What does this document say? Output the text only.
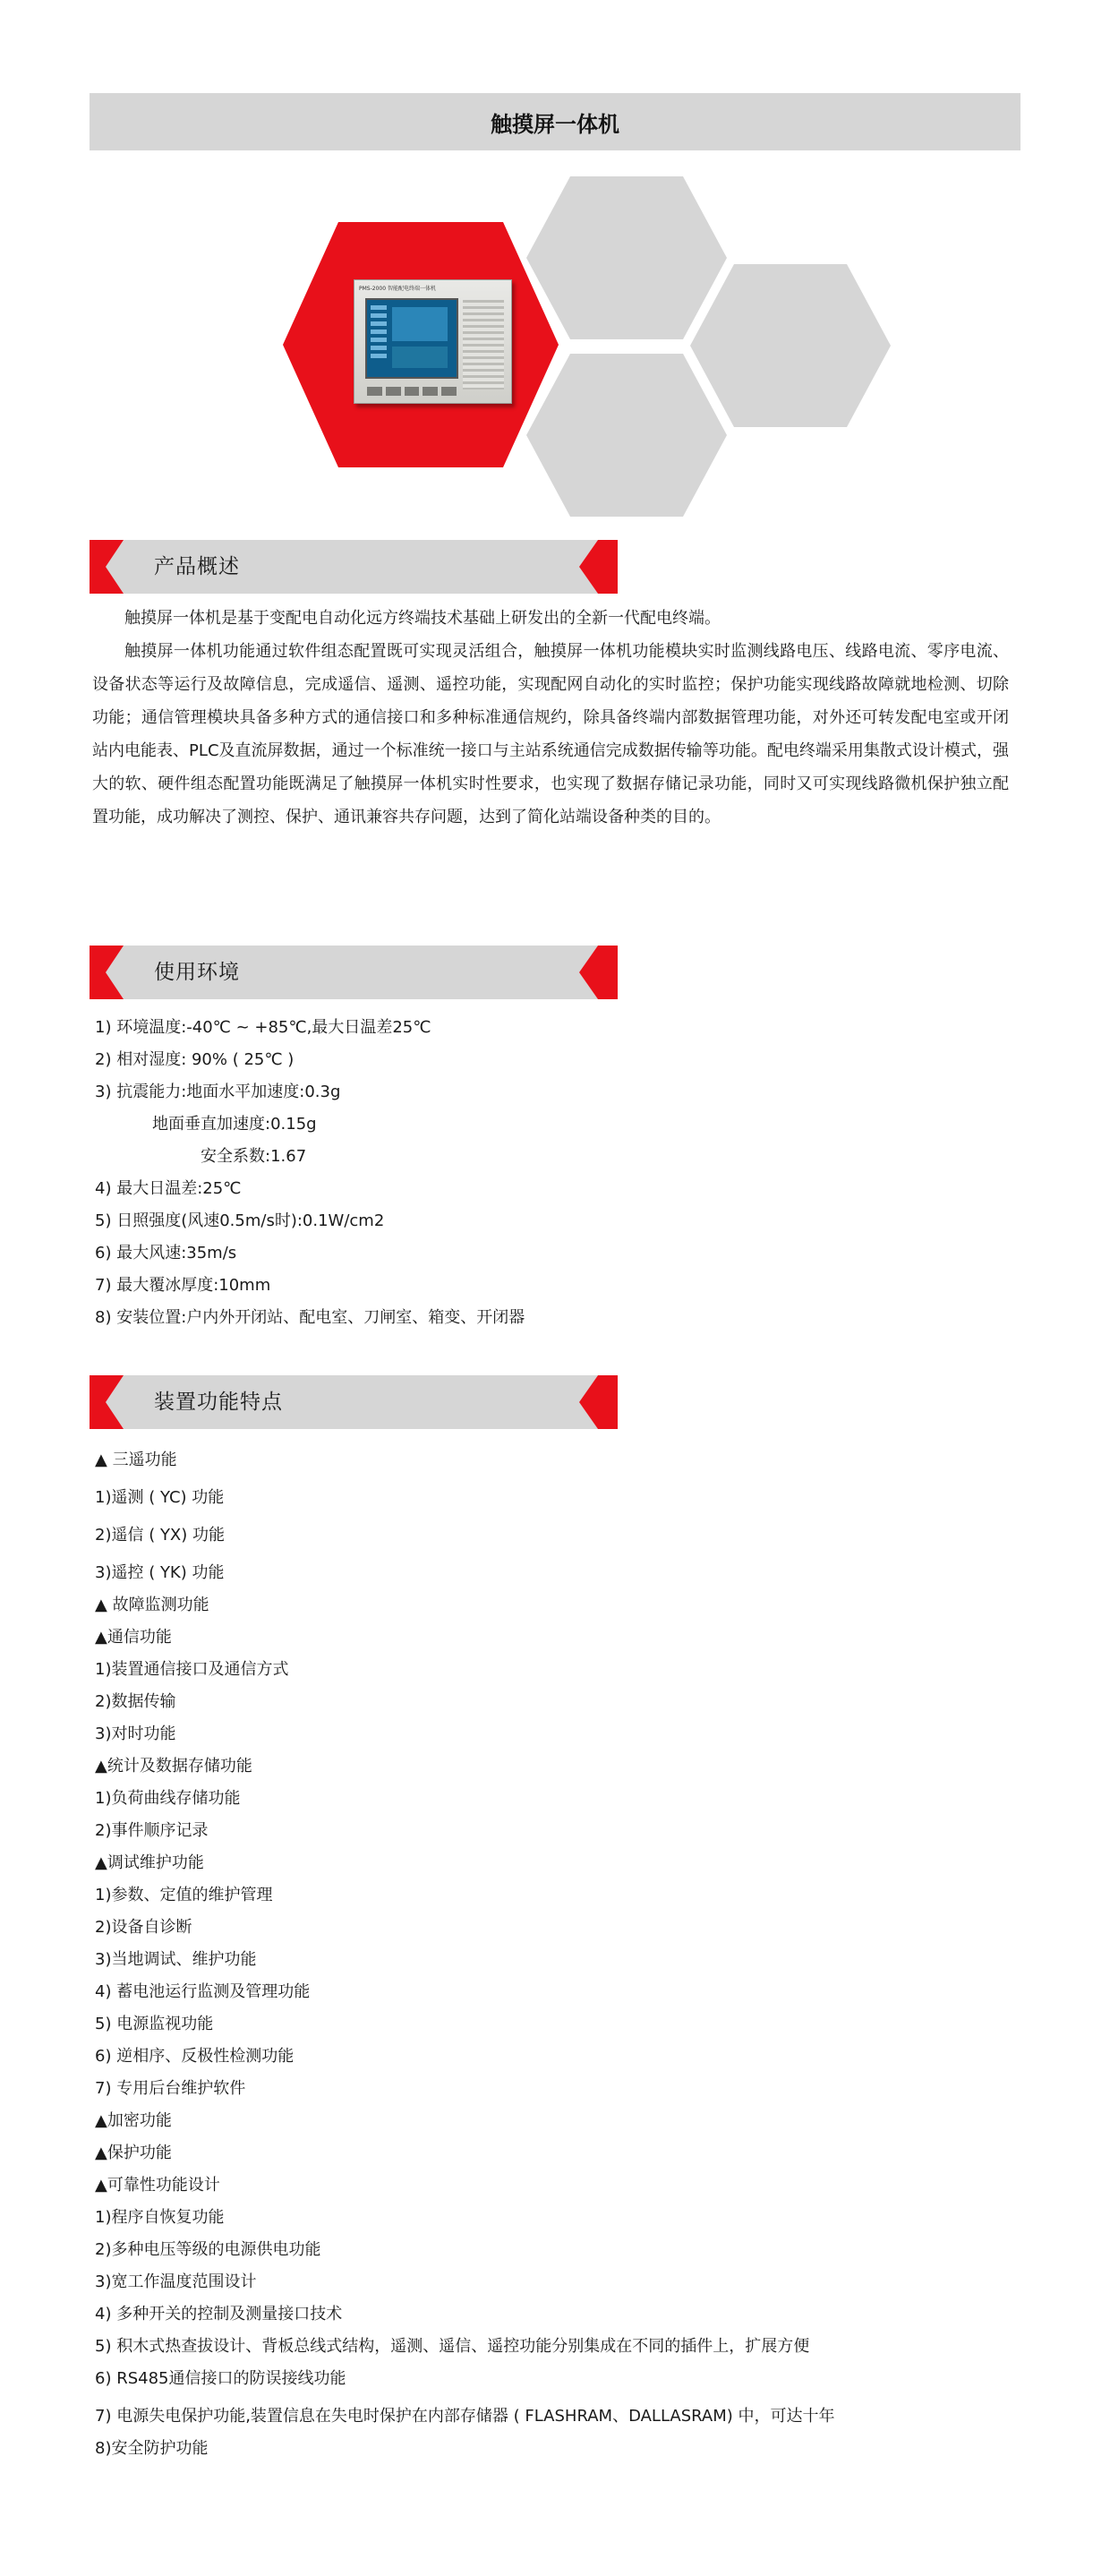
触摸屏一体机
PMS-2000 智能配电终端一体机
产品概述

触摸屏一体机是基于变配电自动化远方终端技术基础上研发出的全新一代配电终端。

触摸屏一体机功能通过软件组态配置既可实现灵活组合，触摸屏一体机功能模块实时监测线路电压、线路电流、零序电流、设备状态等运行及故障信息，完成遥信、遥测、遥控功能，实现配网自动化的实时监控；保护功能实现线路故障就地检测、切除功能；通信管理模块具备多种方式的通信接口和多种标准通信规约，除具备终端内部数据管理功能，对外还可转发配电室或开闭站内电能表、PLC及直流屏数据，通过一个标准统一接口与主站系统通信完成数据传输等功能。配电终端采用集散式设计模式，强大的软、硬件组态配置功能既满足了触摸屏一体机实时性要求，也实现了数据存储记录功能，同时又可实现线路微机保护独立配置功能，成功解决了测控、保护、通讯兼容共存问题，达到了简化站端设备种类的目的。

使用环境
1) 环境温度:-40℃ ~ +85℃,最大日温差25℃
2) 相对湿度: 90% ( 25℃ )
3) 抗震能力:地面水平加速度:0.3g
地面垂直加速度:0.15g
安全系数:1.67
4) 最大日温差:25℃
5) 日照强度(风速0.5m/s时):0.1W/cm2
6) 最大风速:35m/s
7) 最大覆冰厚度:10mm
8) 安装位置:户内外开闭站、配电室、刀闸室、箱变、开闭器
装置功能特点
▲ 三遥功能
1)遥测 ( YC) 功能
2)遥信 ( YX) 功能
3)遥控 ( YK) 功能
▲ 故障监测功能
▲通信功能
1)装置通信接口及通信方式
2)数据传输
3)对时功能
▲统计及数据存储功能
1)负荷曲线存储功能
2)事件顺序记录
▲调试维护功能
1)参数、定值的维护管理
2)设备自诊断
3)当地调试、维护功能
4) 蓄电池运行监测及管理功能
5) 电源监视功能
6) 逆相序、反极性检测功能
7) 专用后台维护软件
▲加密功能
▲保护功能
▲可靠性功能设计
1)程序自恢复功能
2)多种电压等级的电源供电功能
3)宽工作温度范围设计
4) 多种开关的控制及测量接口技术
5) 积木式热查拔设计、背板总线式结构，遥测、遥信、遥控功能分别集成在不同的插件上，扩展方便
6) RS485通信接口的防误接线功能
7) 电源失电保护功能,装置信息在失电时保护在内部存储器 ( FLASHRAM、DALLASRAM) 中，可达十年
8)安全防护功能
